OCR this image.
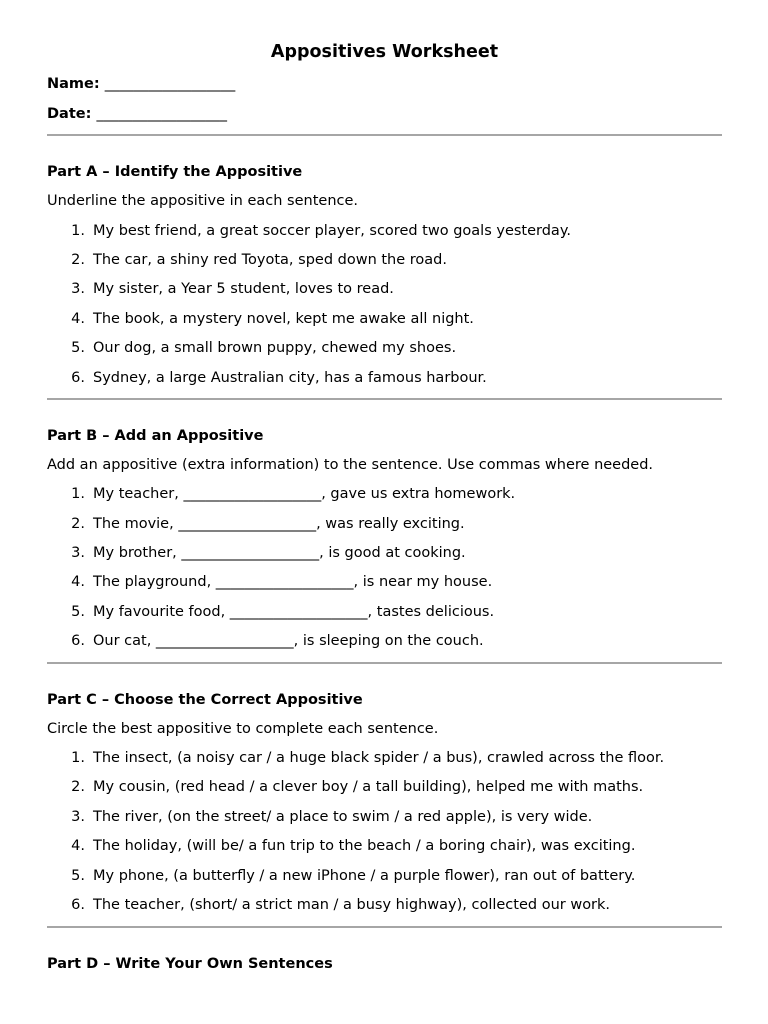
Appositives Worksheet
Name: __________________
Date: __________________
Part A – Identify the Appositive
Underline the appositive in each sentence.
1. My best friend, a great soccer player, scored two goals yesterday.
2. The car, a shiny red Toyota, sped down the road.
3. My sister, a Year 5 student, loves to read.
4. The book, a mystery novel, kept me awake all night.
5. Our dog, a small brown puppy, chewed my shoes.
6. Sydney, a large Australian city, has a famous harbour.
Part B – Add an Appositive
Add an appositive (extra information) to the sentence. Use commas where needed.
1. My teacher, ___________________, gave us extra homework.
2. The movie, ___________________, was really exciting.
3. My brother, ___________________, is good at cooking.
4. The playground, ___________________, is near my house.
5. My favourite food, ___________________, tastes delicious.
6. Our cat, ___________________, is sleeping on the couch.
Part C – Choose the Correct Appositive
Circle the best appositive to complete each sentence.
1. The insect, (a noisy car / a huge black spider / a bus), crawled across the floor.
2. My cousin, (red head / a clever boy / a tall building), helped me with maths.
3. The river, (on the street/ a place to swim / a red apple), is very wide.
4. The holiday, (will be/ a fun trip to the beach / a boring chair), was exciting.
5. My phone, (a butterfly / a new iPhone / a purple flower), ran out of battery.
6. The teacher, (short/ a strict man / a busy highway), collected our work.
Part D – Write Your Own Sentences
